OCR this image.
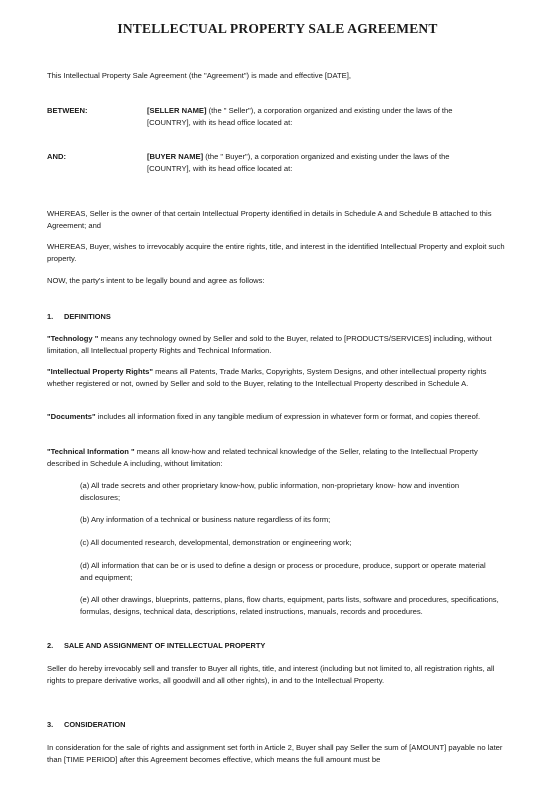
INTELLECTUAL PROPERTY SALE AGREEMENT
This Intellectual Property Sale Agreement (the "Agreement") is made and effective [DATE],
BETWEEN:	[SELLER NAME] (the " Seller"), a corporation organized and existing under the laws of the [COUNTRY], with its head office located at:
AND:	[BUYER NAME] (the " Buyer"), a corporation organized and existing under the laws of the [COUNTRY], with its head office located at:
WHEREAS, Seller is the owner of that certain Intellectual Property identified in details in Schedule A and Schedule B attached to this Agreement; and
WHEREAS, Buyer, wishes to irrevocably acquire the entire rights, title, and interest in the identified Intellectual Property and exploit such property.
NOW, the party's intent to be legally bound and agree as follows:
1. DEFINITIONS
"Technology " means any technology owned by Seller and sold to the Buyer, related to [PRODUCTS/SERVICES] including, without limitation, all Intellectual property Rights and Technical Information.
"Intellectual Property Rights" means all Patents, Trade Marks, Copyrights, System Designs, and other intellectual property rights whether registered or not, owned by Seller and sold to the Buyer, relating to the Intellectual Property described in Schedule A.
"Documents" includes all information fixed in any tangible medium of expression in whatever form or format, and copies thereof.
"Technical Information " means all know-how and related technical knowledge of the Seller, relating to the Intellectual Property described in Schedule A including, without limitation:
(a) All trade secrets and other proprietary know-how, public information, non-proprietary know- how and invention disclosures;
(b) Any information of a technical or business nature regardless of its form;
(c) All documented research, developmental, demonstration or engineering work;
(d) All information that can be or is used to define a design or process or procedure, produce, support or operate material and equipment;
(e) All other drawings, blueprints, patterns, plans, flow charts, equipment, parts lists, software and procedures, specifications, formulas, designs, technical data, descriptions, related instructions, manuals, records and procedures.
2. SALE AND ASSIGNMENT OF INTELLECTUAL PROPERTY
Seller do hereby irrevocably sell and transfer to Buyer all rights, title, and interest (including but not limited to, all registration rights, all rights to prepare derivative works, all goodwill and all other rights), in and to the Intellectual Property.
3. CONSIDERATION
In consideration for the sale of rights and assignment set forth in Article 2, Buyer shall pay Seller the sum of [AMOUNT] payable no later than [TIME PERIOD] after this Agreement becomes effective, which means the full amount must be
